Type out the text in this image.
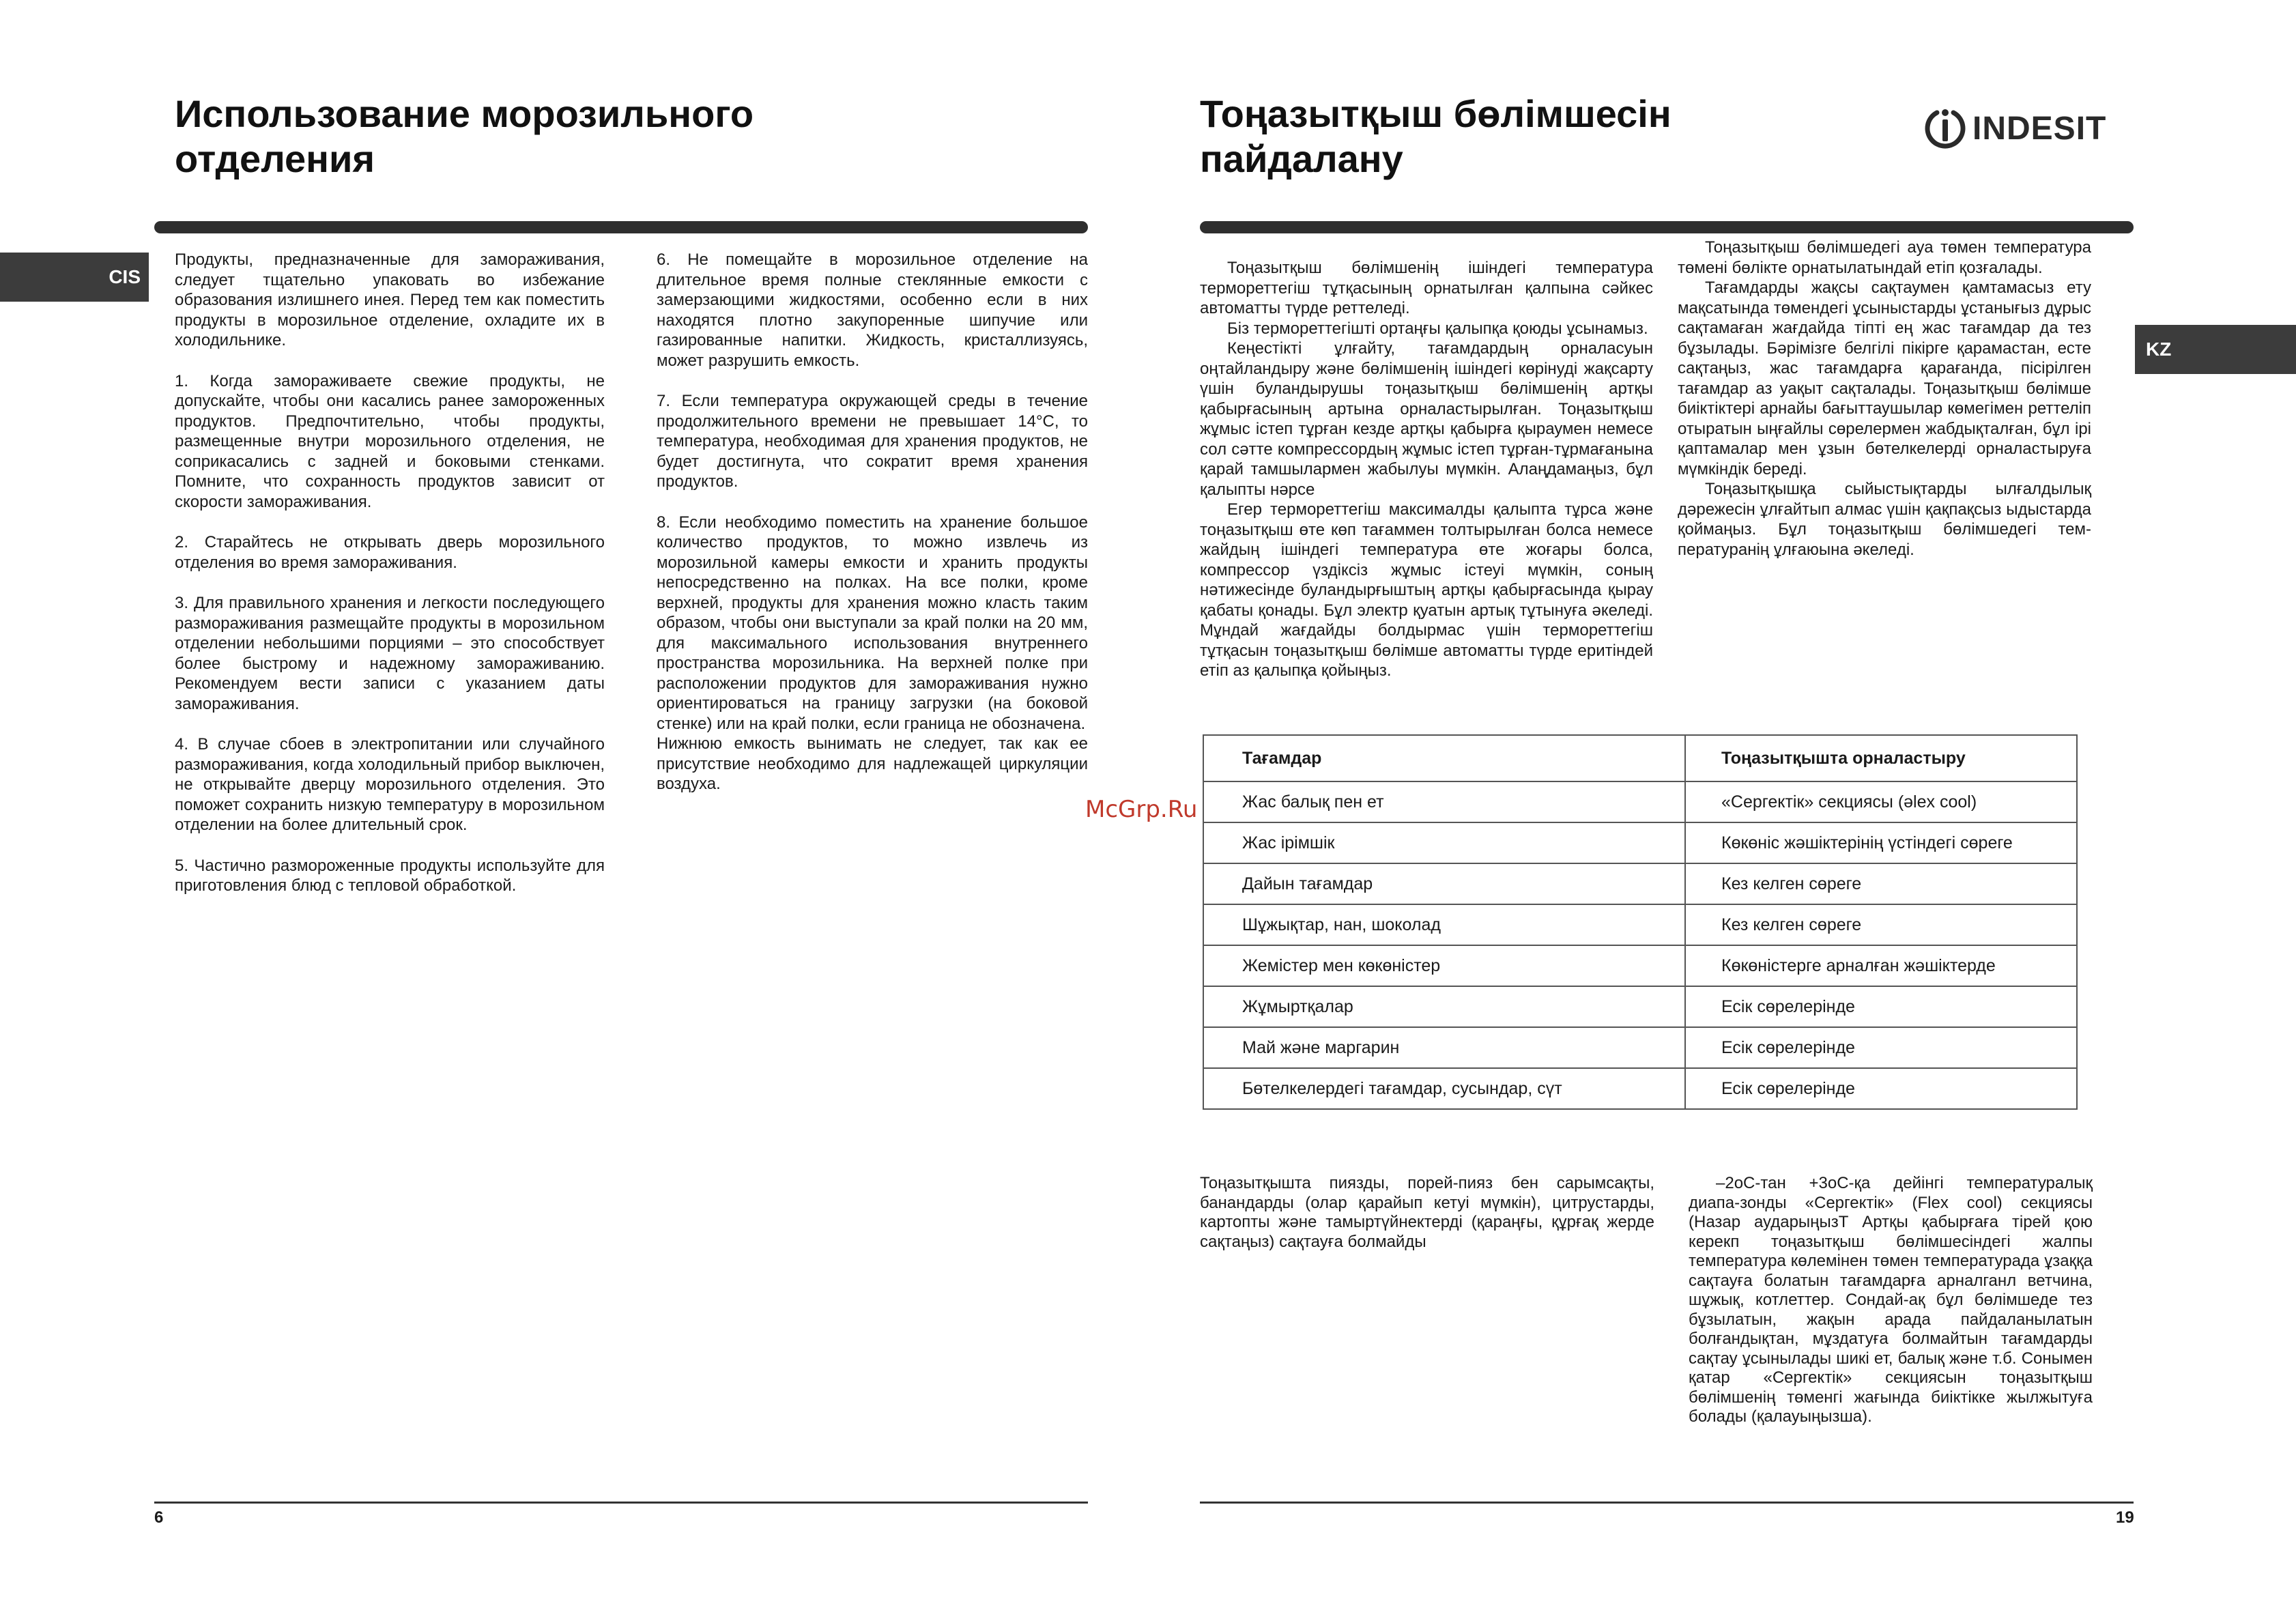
Использование морозильного
отделения
CIS

Продукты, предназначенные для замораживания, следует тщательно упаковать во избежание образования излишнего инея. Перед тем как поместить продукты в морозильное отделение, охладите их в холодильнике.

1. Когда замораживаете свежие продукты, не допускайте, чтобы они касались ранее замороженных продуктов. Предпочтительно, чтобы продукты, размещенные внутри морозильного отделения, не соприкасались с задней и боковыми стенками. Помните, что сохранность продуктов зависит от скорости замораживания.

2. Старайтесь не открывать дверь морозильного отделения во время замораживания.

3. Для правильного хранения и легкости последующего размораживания размещайте продукты в морозильном отделении небольшими порциями – это способствует более быстрому и надежному замораживанию. Рекомендуем вести записи с указанием даты замораживания.

4. В случае сбоев в электропитании или случайного размораживания, когда холодильный прибор выключен, не открывайте дверцу морозильного отделения. Это поможет сохранить низкую температуру в морозильном отделении на более длительный срок.

5. Частично размороженные продукты используйте для приготовления блюд с тепловой обработкой.

6. Не помещайте в морозильное отделение на длительное время полные стеклянные емкости с замерзающими жидкостями, особенно если в них находятся плотно закупоренные шипучие или газированные напитки. Жидкость, кристаллизуясь, может разрушить емкость.

7. Если температура окружающей среды в течение продолжительного времени не превышает 14°C, то температура, необходимая для хранения продуктов, не будет достигнута, что сократит время хранения продуктов.

8. Если необходимо поместить на хранение большое количество продуктов, то можно извлечь из морозильной камеры емкости и хранить продукты непосредственно на полках. На все полки, кроме верхней, продукты для хранения можно класть таким образом, чтобы они выступали за край полки на 20 мм, для максимального использования внутреннего пространства морозильника. На верхней полке при расположении продуктов для замораживания нужно ориентироваться на границу загрузки (на боковой стенке) или на край полки, если граница не обозначена.

Нижнюю емкость вынимать не следует, так как ее присутствие необходимо для надлежащей циркуляции воздуха.

6
Тоңазытқыш бөлімшесін
пайдалану
INDESIT
KZ

Тоңазытқыш бөлімшенің ішіндегі температура термореттегіш тұтқасының орнатылған қалпына сәйкес автоматты түрде реттеледі.

Біз термореттегішті ортаңғы қалыпқа қоюды ұсынамыз.

Кеңестікті ұлғайту, тағамдардың орналасуын оңтайландыру және бөлімшенің ішіндегі көрінуді жақсарту үшін буландырушы тоңазытқыш бөлімшенің артқы қабырғасының артына орналастырылған. Тоңазытқыш жұмыс істеп тұрған кезде артқы қабырға қыраумен немесе сол сәтте компрессордың жұмыс істеп тұрған-тұрмағанына қарай тамшылармен жабылуы мүмкін. Алаңдамаңыз, бұл қалыпты нәрсе

Егер термореттегіш максималды қалыпта тұрса және тоңазытқыш өте көп тағаммен толтырылған болса немесе жайдың ішіндегі температура өте жоғары болса, компрессор үздіксіз жұмыс істеуі мүмкін, соның нәтижесінде буландырғыштың артқы қабырғасында қырау қабаты қонады. Бұл электр қуатын артық тұтынуға әкеледі. Мұндай жағдайды болдырмас үшін термореттегіш тұтқасын тоңазытқыш бөлімше автоматты түрде еритіндей етіп аз қалыпқа қойыңыз.

Тоңазытқыш бөлімшедегі ауа төмен температура төмені бөлікте орнатылатындай етіп қозғалады.

Тағамдарды жақсы сақтаумен қамтамасыз ету мақсатында төмендегі ұсыныстарды ұстанығыз дұрыс сақтамаған жағдайда тіпті ең жас тағамдар да тез бұзылады. Бәрімізге белгілі пікірге қарамастан, есте сақтаңыз, жас тағамдарға қарағанда, пісірілген тағамдар аз уақыт сақталады. Тоңазытқыш бөлімше биіктіктері арнайы бағыттаушылар көмегімен реттеліп отыратын ыңғайлы сөрелермен жабдықталған, бұл ірі қаптамалар мен ұзын бөтелкелерді орналастыруға мүмкіндік береді.

Тоңазытқышқа сыйыстықтарды ылғалдылық дәрежесін ұлғайтып алмас үшін қақпақсыз ыдыстарда қоймаңыз. Бұл тоңазытқыш бөлімшедегі тем-пературанің ұлғаюына әкеледі.

McGrp.Ru
Тағамдар	Тоңазытқышта орналастыру
Жас балық пен ет	«Сергектік» секциясы (әlex cool)
Жас ірімшік	Көкөніс жәшіктерінің үстіндегі сөреге
Дайын тағамдар	Кез келген сөреге
Шұжықтар, нан, шоколад	Кез келген сөреге
Жемістер мен көкөністер	Көкөністерге арналған жәшіктерде
Жұмыртқалар	Есік сөрелерінде
Май және маргарин	Есік сөрелерінде
Бөтелкелердегі тағамдар, сусындар, сүт	Есік сөрелерінде
Тоңазытқышта пиязды, порей-пияз бен сарымсақты, банандарды (олар қарайып кетуі мүмкін), цитрустарды, картопты және тамыртүйнектерді (қараңғы, құрғақ жерде сақтаңыз) сақтауға болмайды
–2оС-тан +3оС-қа дейінгі температуралық диапа-зонды «Сергектік» (Flex cool) секциясы (Назар аударыңызТ Артқы қабырғаға тірей қою керекп тоңазытқыш бөлімшесіндегі жалпы температура көлемінен төмен температурада ұзаққа сақтауға болатын тағамдарға арналганл ветчина, шұжық, котлеттер. Сондай-ақ бұл бөлімшеде тез бұзылатын, жақын арада пайдаланылатын болғандықтан, мұздатуға болмайтын тағамдарды сақтау ұсынылады шикі ет, балық және т.б. Сонымен қатар «Сергектік» секциясын тоңазытқыш бөлімшенің төменгі жағында биіктікке жылжытуға болады (қалауыңызша).
19
